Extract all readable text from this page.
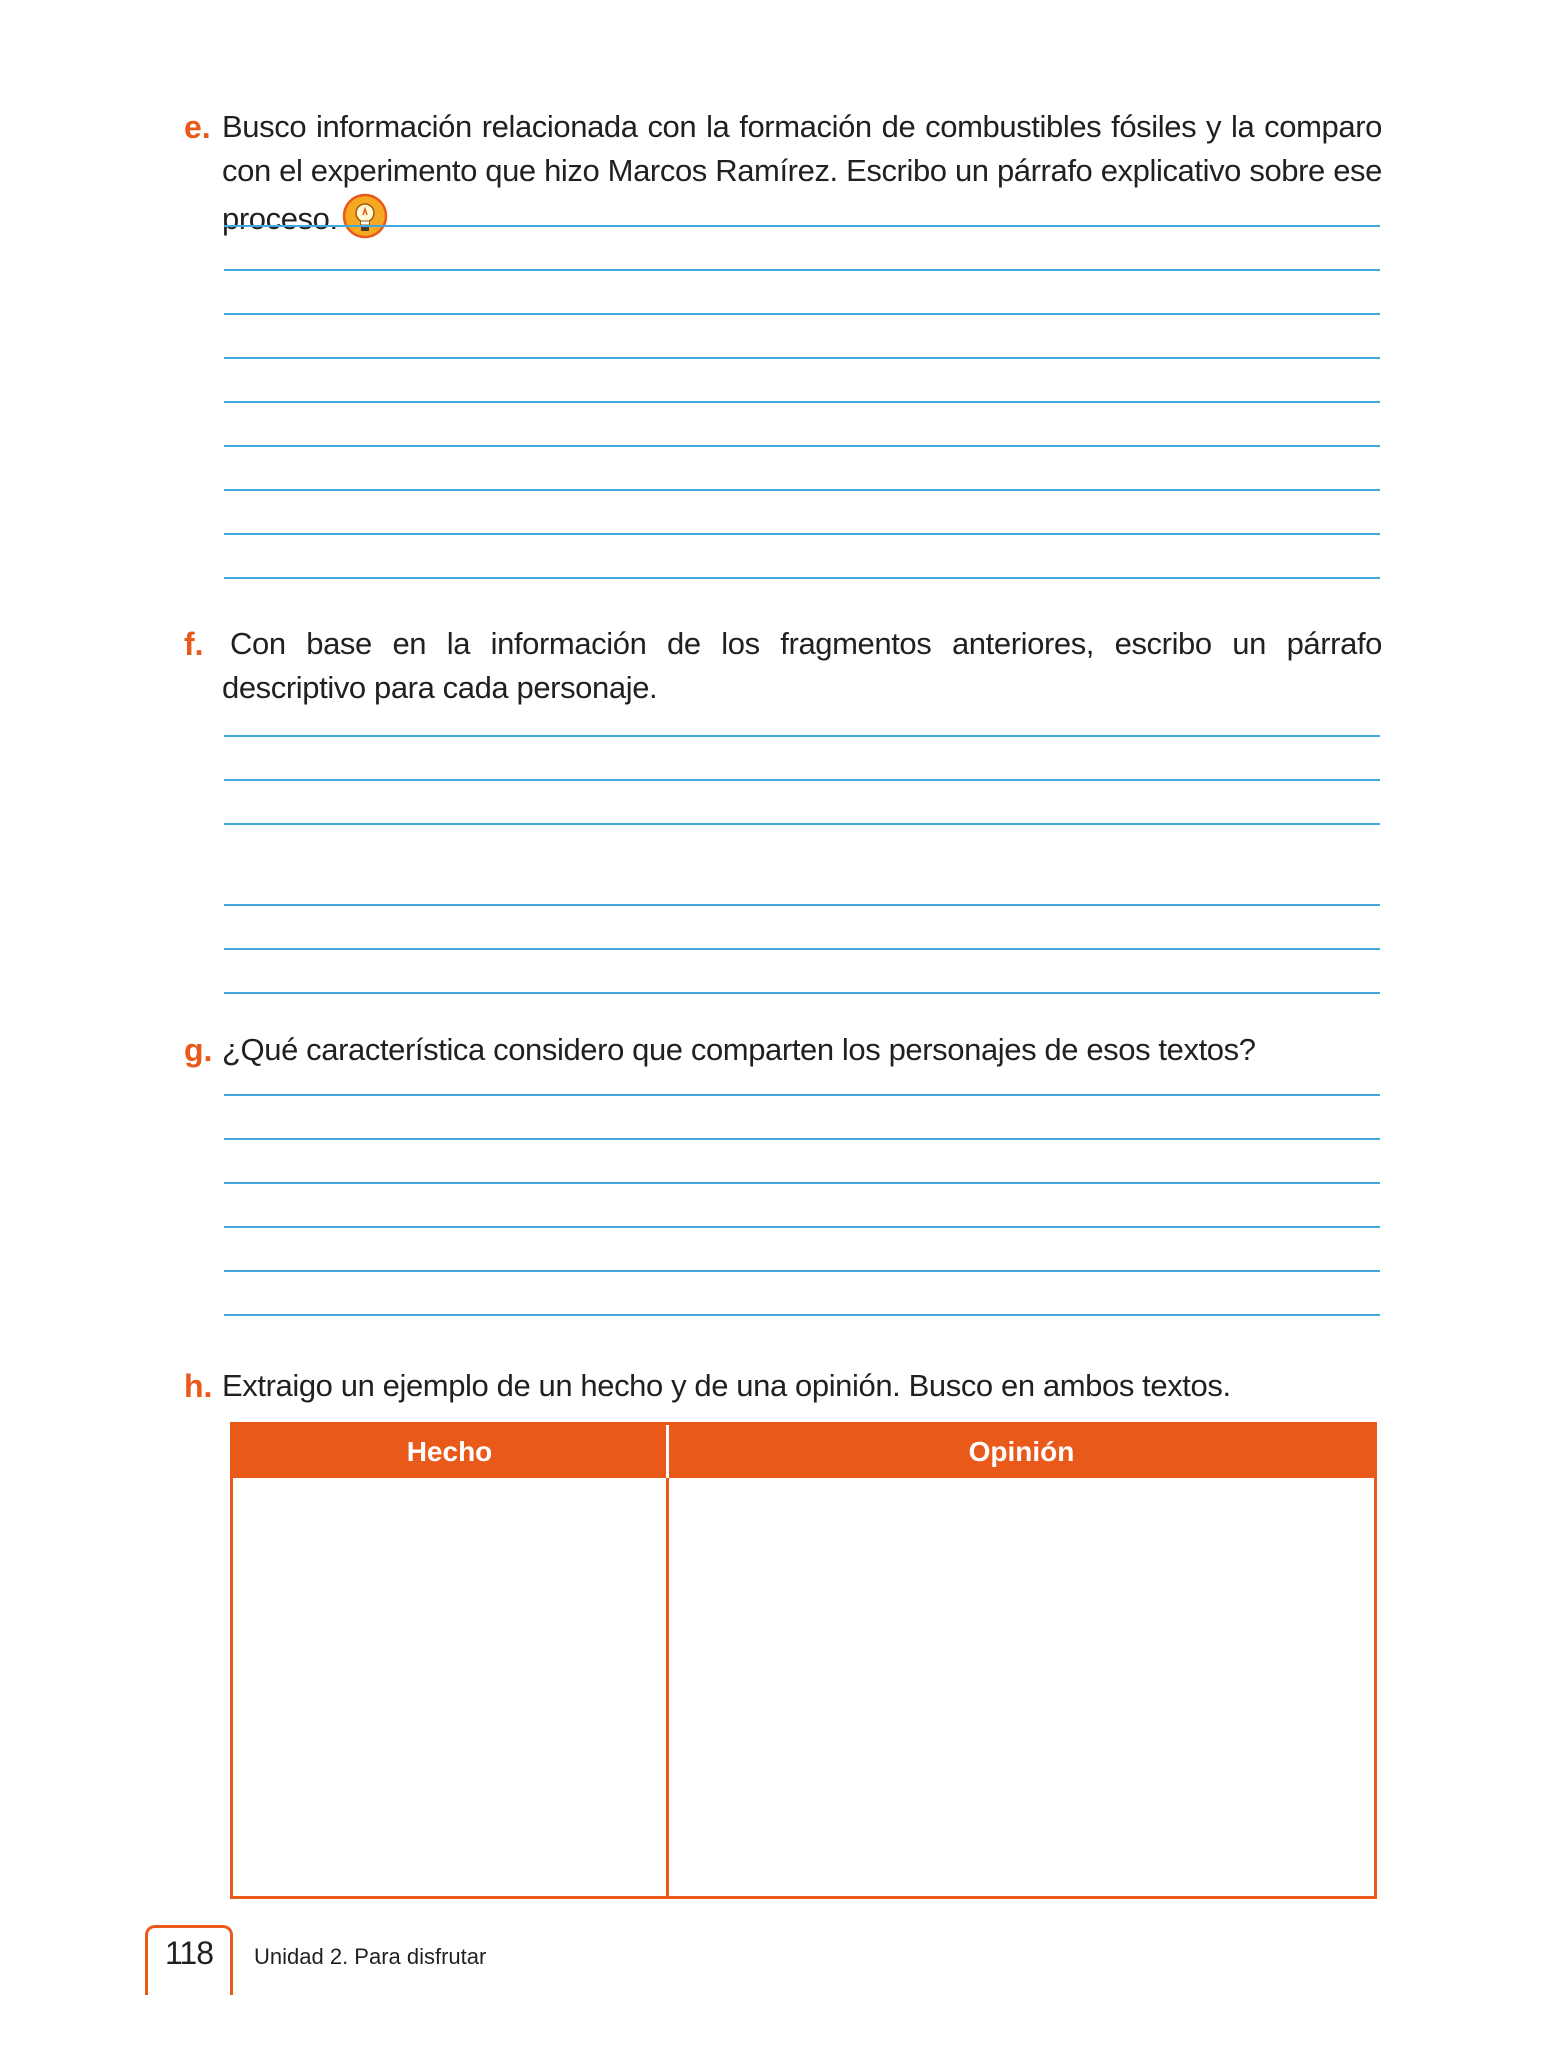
e. Busco información relacionada con la formación de combustibles fósiles y la comparo con el experimento que hizo Marcos Ramírez. Escribo un párrafo explicativo sobre ese proceso.
f. Con base en la información de los fragmentos anteriores, escribo un párrafo descriptivo para cada personaje.
g. ¿Qué característica considero que comparten los personajes de esos textos?
h. Extraigo un ejemplo de un hecho y de una opinión. Busco en ambos textos.
Hecho	Opinión
118	Unidad 2. Para disfrutar
